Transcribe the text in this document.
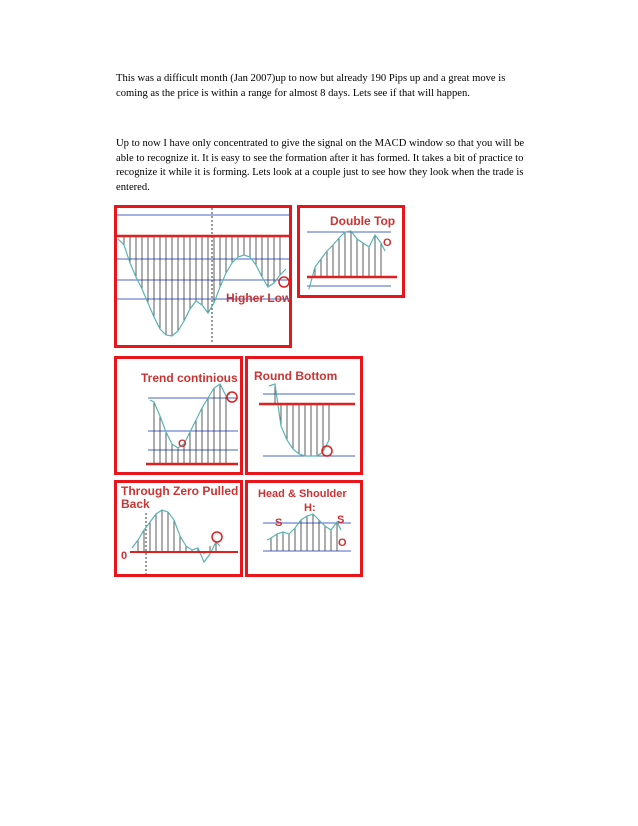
This was a difficult month (Jan 2007)up to now but already 190 Pips up and a great move is coming as the price is within a range for almost 8 days. Lets see if that will happen.

Up to now I have only concentrated to give the signal on the MACD window so that you will be able to recognize it. It is easy to see the formation after it has formed. It takes a bit of practice to recognize it while it is forming. Lets look at a couple just to see how they look when the trade is entered.

Higher Low
Double Top
O
O
Trend continious Round Bottom
Through Zero Pulled
Back
0
Head & Shoulder
H:
S	S
O
